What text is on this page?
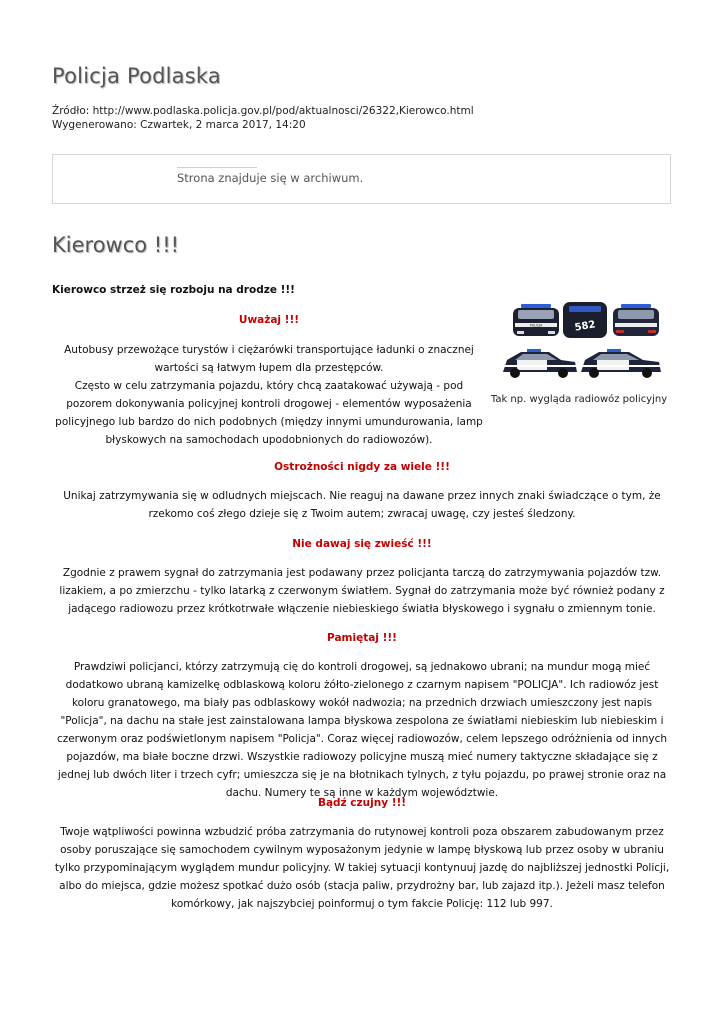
Policja Podlaska
Źródło: http://www.podlaska.policja.gov.pl/pod/aktualnosci/26322,Kierowco.html
Wygenerowano: Czwartek, 2 marca 2017, 14:20
Strona znajduje się w archiwum.
Kierowco !!!
Kierowco strzeż się rozboju na drodze !!!
Uważaj !!!

Autobusy przewożące turystów i ciężarówki transportujące ładunki o znacznej wartości są łatwym łupem dla przestępców.

Często w celu zatrzymania pojazdu, który chcą zaatakować używają - pod pozorem dokonywania policyjnej kontroli drogowej - elementów wyposażenia policyjnego lub bardzo do nich podobnych (między innymi umundurowania, lamp błyskowych na samochodach upodobnionych do radiowozów).

POLICJA	582
Tak np. wygląda radiowóz policyjny
Ostrożności nigdy za wiele !!!

Unikaj zatrzymywania się w odludnych miejscach. Nie reaguj na dawane przez innych znaki świadczące o tym, że rzekomo coś złego dzieje się z Twoim autem; zwracaj uwagę, czy jesteś śledzony.

Nie dawaj się zwieść !!!

Zgodnie z prawem sygnał do zatrzymania jest podawany przez policjanta tarczą do zatrzymywania pojazdów tzw. lizakiem, a po zmierzchu - tylko latarką z czerwonym światłem. Sygnał do zatrzymania może być również podany z jadącego radiowozu przez krótkotrwałe włączenie niebieskiego światła błyskowego i sygnału o zmiennym tonie.

Pamiętaj !!!

Prawdziwi policjanci, którzy zatrzymują cię do kontroli drogowej, są jednakowo ubrani; na mundur mogą mieć dodatkowo ubraną kamizelkę odblaskową koloru żółto-zielonego z czarnym napisem "POLICJA". Ich radiowóz jest koloru granatowego, ma biały pas odblaskowy wokół nadwozia; na przednich drzwiach umieszczony jest napis "Policja", na dachu na stałe jest zainstalowana lampa błyskowa zespolona ze światłami niebieskim lub niebieskim i czerwonym oraz podświetlonym napisem "Policja". Coraz więcej radiowozów, celem lepszego odróżnienia od innych pojazdów, ma białe boczne drzwi. Wszystkie radiowozy policyjne muszą mieć numery taktyczne składające się z jednej lub dwóch liter i trzech cyfr; umieszcza się je na błotnikach tylnych, z tyłu pojazdu, po prawej stronie oraz na dachu. Numery te są inne w każdym województwie.

Bądź czujny !!!

Twoje wątpliwości powinna wzbudzić próba zatrzymania do rutynowej kontroli poza obszarem zabudowanym przez osoby poruszające się samochodem cywilnym wyposażonym jedynie w lampę błyskową lub przez osoby w ubraniu tylko przypominającym wyglądem mundur policyjny. W takiej sytuacji kontynuuj jazdę do najbliższej jednostki Policji, albo do miejsca, gdzie możesz spotkać dużo osób (stacja paliw, przydrożny bar, lub zajazd itp.). Jeżeli masz telefon komórkowy, jak najszybciej poinformuj o tym fakcie Policję: 112 lub 997.
